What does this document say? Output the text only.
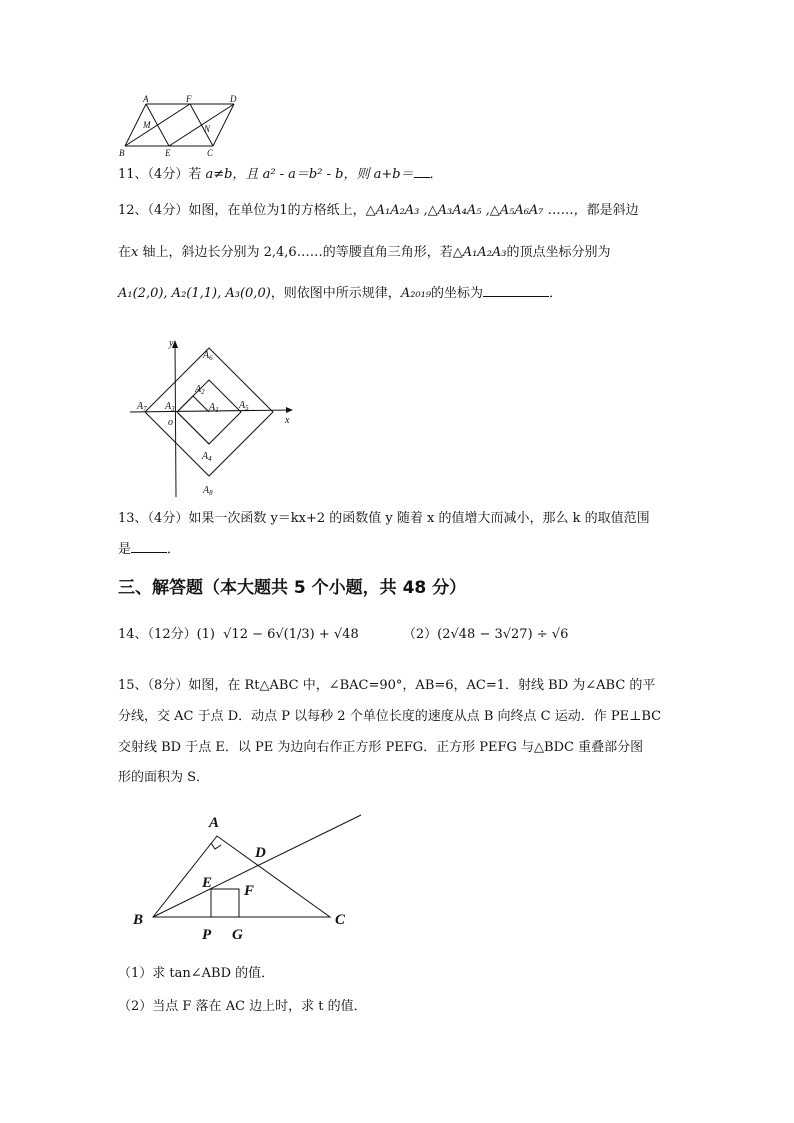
A	F	D
M	N
B	E	C
11、（4分）若 a≠b，且 a² - a＝b² - b，则 a+b＝ ．
12、（4分）如图，在单位为1的方格纸上，△A₁A₂A₃ ,△A₃A₄A₅ ,△A₅A₆A₇ ……，都是斜边
在x 轴上，斜边长分别为 2,4,6……的等腰直角三角形，若△A₁A₂A₃的顶点坐标分别为
A₁(2,0), A₂(1,1), A₃(0,0)，则依图中所示规律，A₂₀₁₉的坐标为	．
y
x
o
$A_6$
$A_2$
$A_1$
$A_3$
$A_7$	$A_5$
$A_4$
$A_8$
13、（4分）如果一次函数 y＝kx+2 的函数值 y 随着 x 的值增大而减小，那么 k 的取值范围
是	．
三、解答题（本大题共 5 个小题，共 48 分）
14、（12分）(1) √12 − 6√(1/3) + √48	（2）(2√48 − 3√27) ÷ √6
15、（8分）如图，在 Rt△ABC 中，∠BAC=90°，AB=6，AC=1．射线 BD 为∠ABC 的平
分线，交 AC 于点 D．动点 P 以每秒 2 个单位长度的速度从点 B 向终点 C 运动．作 PE⊥BC
交射线 BD 于点 E．以 PE 为边向右作正方形 PEFG．正方形 PEFG 与△BDC 重叠部分图
形的面积为 S．
A
D
E F
B
P G
C
（1）求 tan∠ABD 的值．
（2）当点 F 落在 AC 边上时，求 t 的值．
